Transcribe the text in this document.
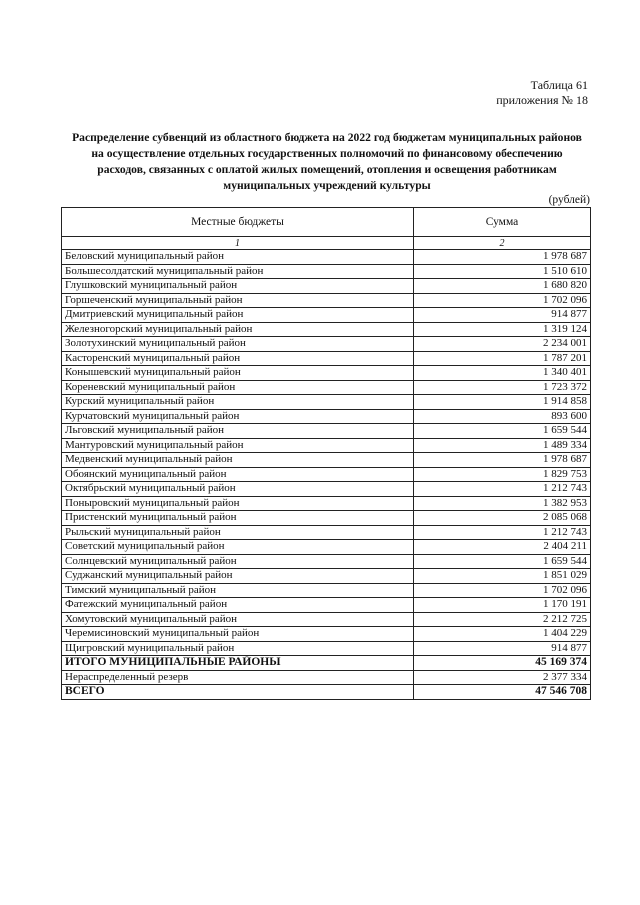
Таблица 61
приложения № 18
Распределение субвенций из областного бюджета на 2022 год бюджетам муниципальных районов
на осуществление отдельных государственных полномочий по финансовому обеспечению
расходов, связанных с оплатой жилых помещений, отопления и освещения работникам
муниципальных учреждений культуры
(рублей)
Местные бюджеты	Сумма
1	2
Беловский муниципальный район	1 978 687
Большесолдатский муниципальный район	1 510 610
Глушковский муниципальный район	1 680 820
Горшеченский муниципальный район	1 702 096
Дмитриевский муниципальный район	914 877
Железногорский муниципальный район	1 319 124
Золотухинский муниципальный район	2 234 001
Касторенский муниципальный район	1 787 201
Конышевский муниципальный район	1 340 401
Кореневский муниципальный район	1 723 372
Курский муниципальный район	1 914 858
Курчатовский муниципальный район	893 600
Льговский муниципальный район	1 659 544
Мантуровский муниципальный район	1 489 334
Медвенский муниципальный район	1 978 687
Обоянский муниципальный район	1 829 753
Октябрьский муниципальный район	1 212 743
Поныровский муниципальный район	1 382 953
Пристенский муниципальный район	2 085 068
Рыльский муниципальный район	1 212 743
Советский муниципальный район	2 404 211
Солнцевский муниципальный район	1 659 544
Суджанский муниципальный район	1 851 029
Тимский муниципальный район	1 702 096
Фатежский муниципальный район	1 170 191
Хомутовский муниципальный район	2 212 725
Черемисиновский муниципальный район	1 404 229
Щигровский муниципальный район	914 877
ИТОГО МУНИЦИПАЛЬНЫЕ РАЙОНЫ	45 169 374
Нераспределенный резерв	2 377 334
ВСЕГО	47 546 708
